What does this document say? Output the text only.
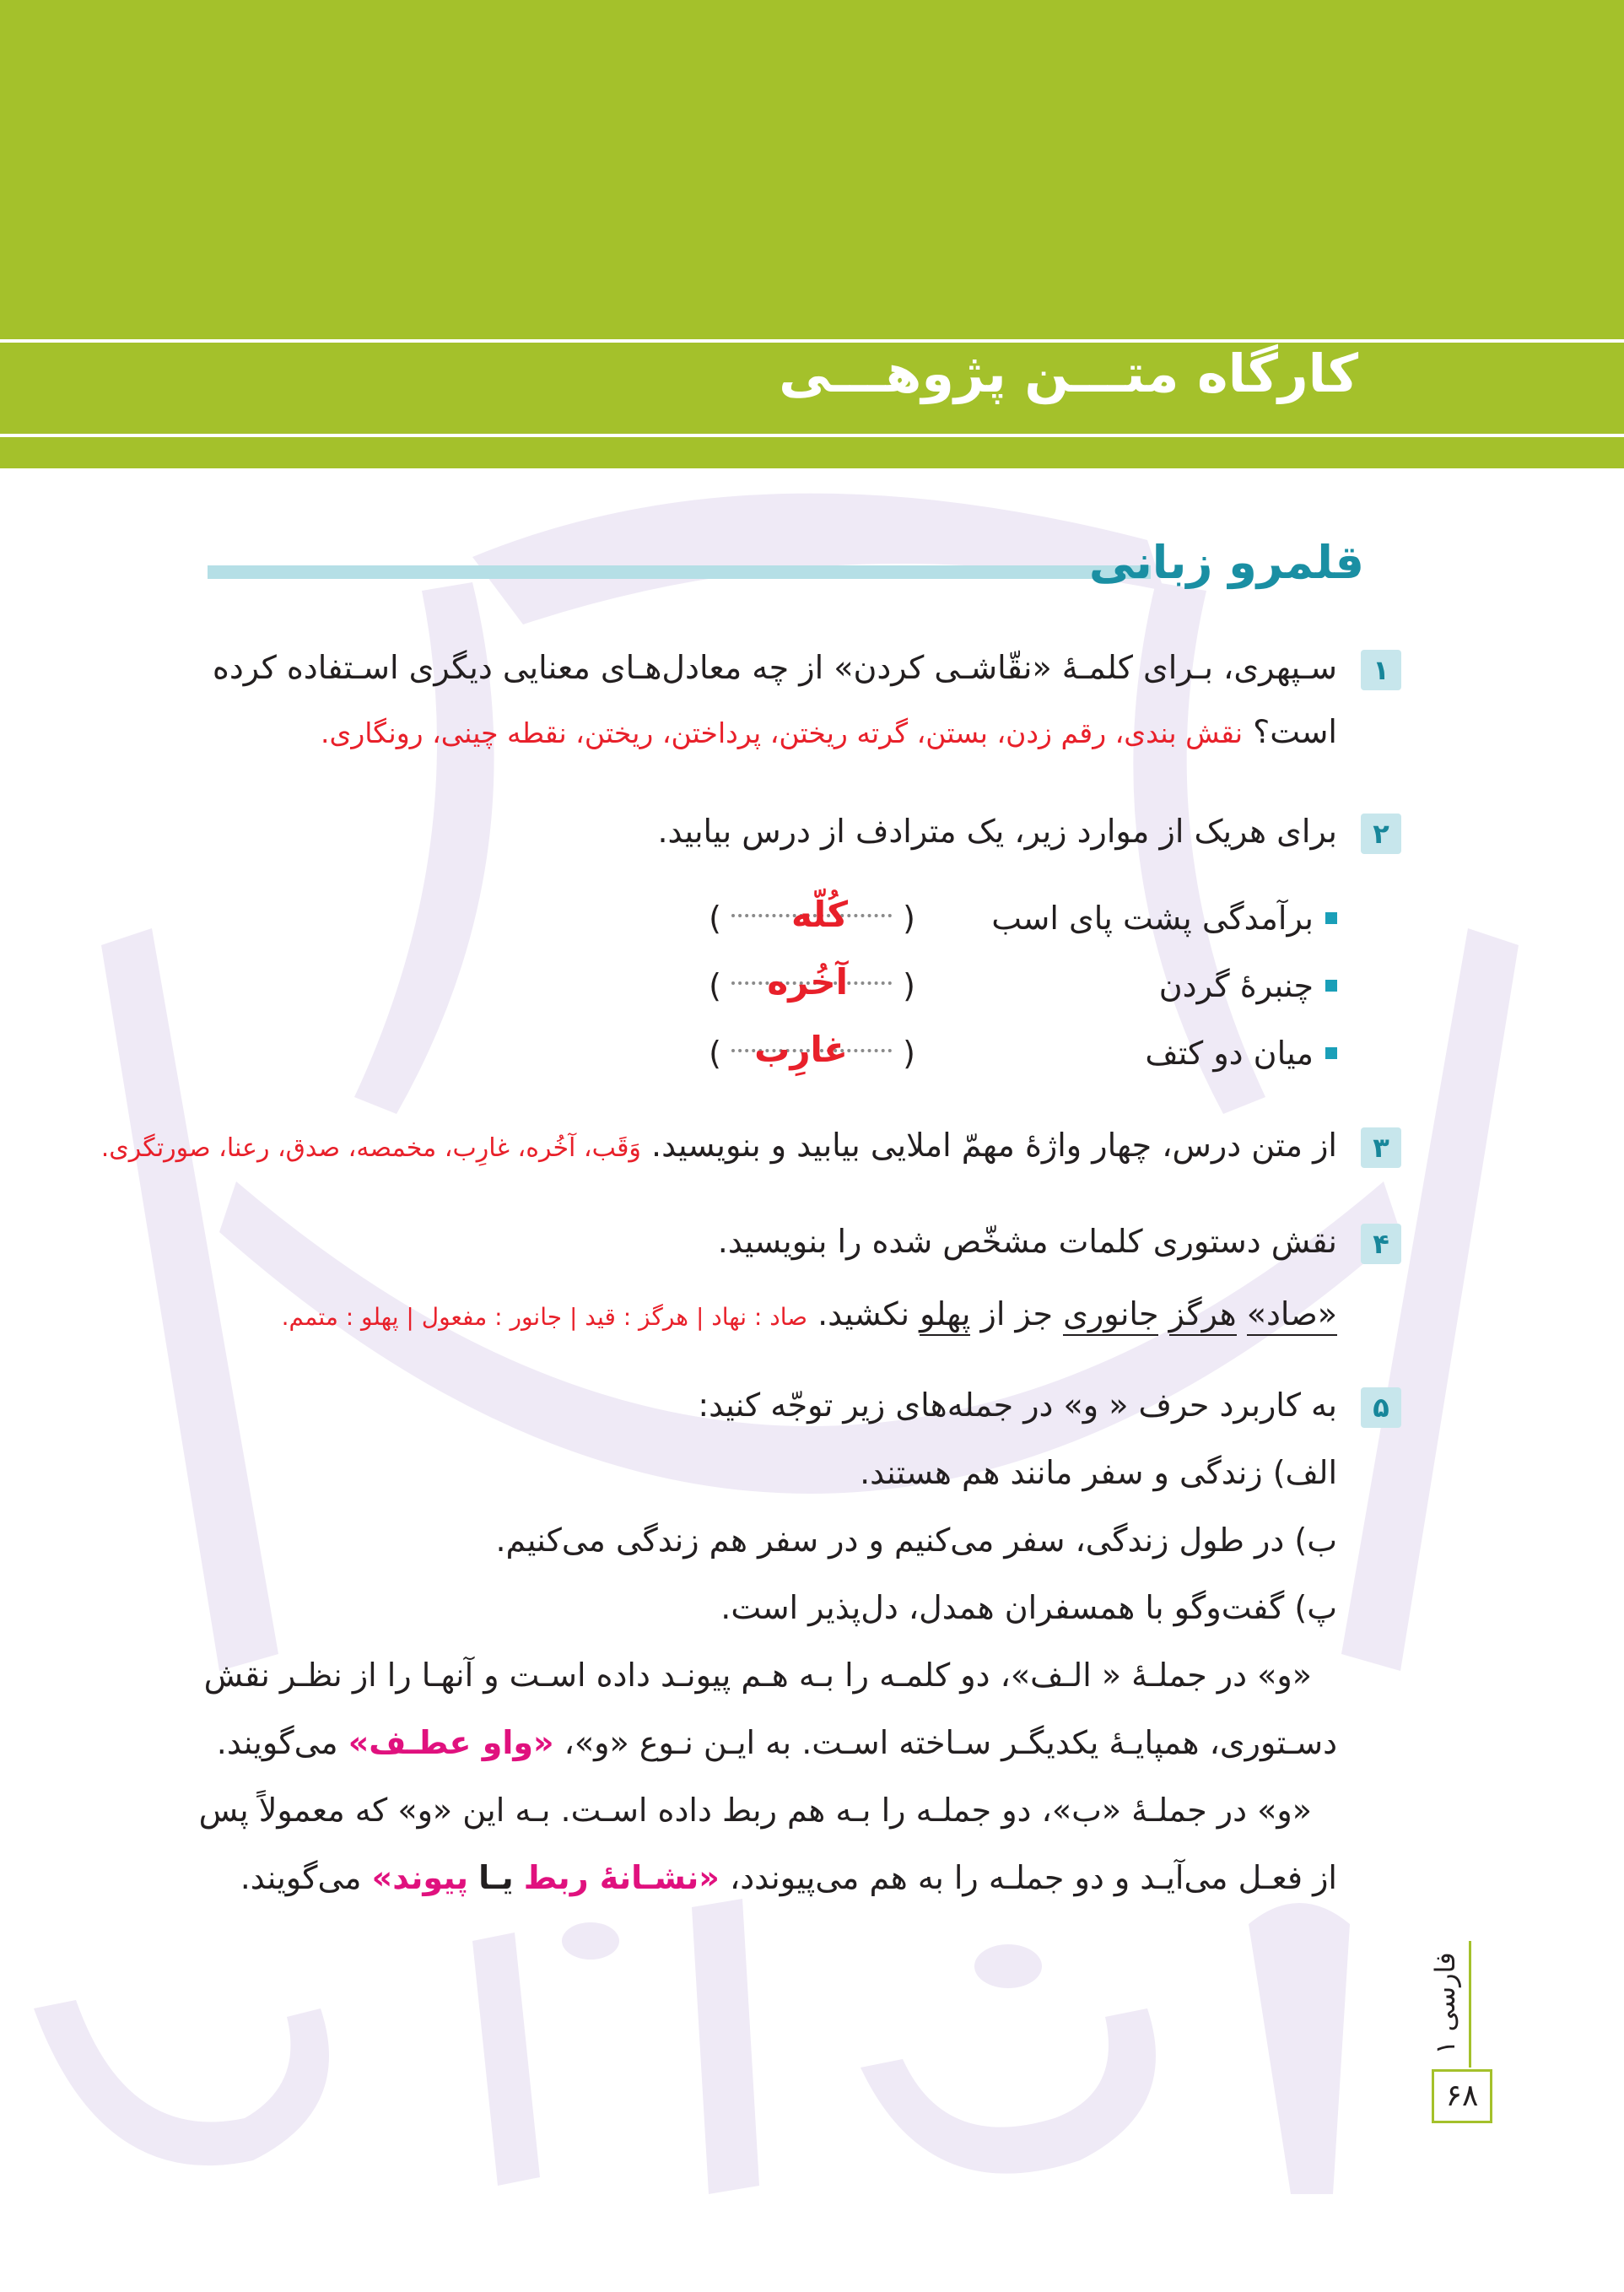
کارگاه متـــن پژوهـــی
قلمرو زبانی
۱
سـپهری، بـرای کلمـۀ «نقّاشـی کردن» از چه معادل‌هـای معنایی دیگری اسـتفاده کرده
است؟ نقش بندی، رقم زدن، بستن، گرته ریختن، پرداختن، ریختن، نقطه چینی، رونگاری.
۲
برای هریک از موارد زیر، یک مترادف از درس بیابید.
برآمدگی پشت پای اسب
(
کُلّه
)
چنبرۀ گردن
(
آخُره
)
میان دو کتف
(
غارِب
)
۳
از متن درس، چهار واژۀ مهمّ املایی بیابید و بنویسید. وَقَب، آخُره، غارِب، مخمصه، صدق، رعنا، صورتگری.
۴
نقش دستوری کلمات مشخّص شده را بنویسید.
«صاد» هرگز جانوری جز از پهلو نکشید. صاد : نهاد | هرگز : قید | جانور : مفعول | پهلو : متمم.
۵
به کاربرد حرف « و» در جمله‌های زیر توجّه کنید:
الف) زندگی و سفر مانند هم هستند.
ب) در طول زندگی، سفر می‌کنیم و در سفر هم زندگی می‌کنیم.
پ) گفت‌وگو با همسفران همدل، دل‌پذیر است.
«و» در جملـۀ « الـف»، دو کلمـه را بـه هـم پیونـد داده اسـت و آنهـا را از نظـر نقش
دسـتوری، همپایـۀ یکدیگـر سـاخته اسـت. به ایـن نـوع «و»، «واو عطـف» می‌گویند.
«و» در جملـۀ «ب»، دو جملـه را بـه هم ربط داده اسـت. بـه این «و» که معمولاً پس
از فعـل می‌آیـد و دو جملـه را به هم می‌پیوندد، «نشـانۀ ربط یـا پیوند» می‌گویند.
فارسی ۱
۶۸
